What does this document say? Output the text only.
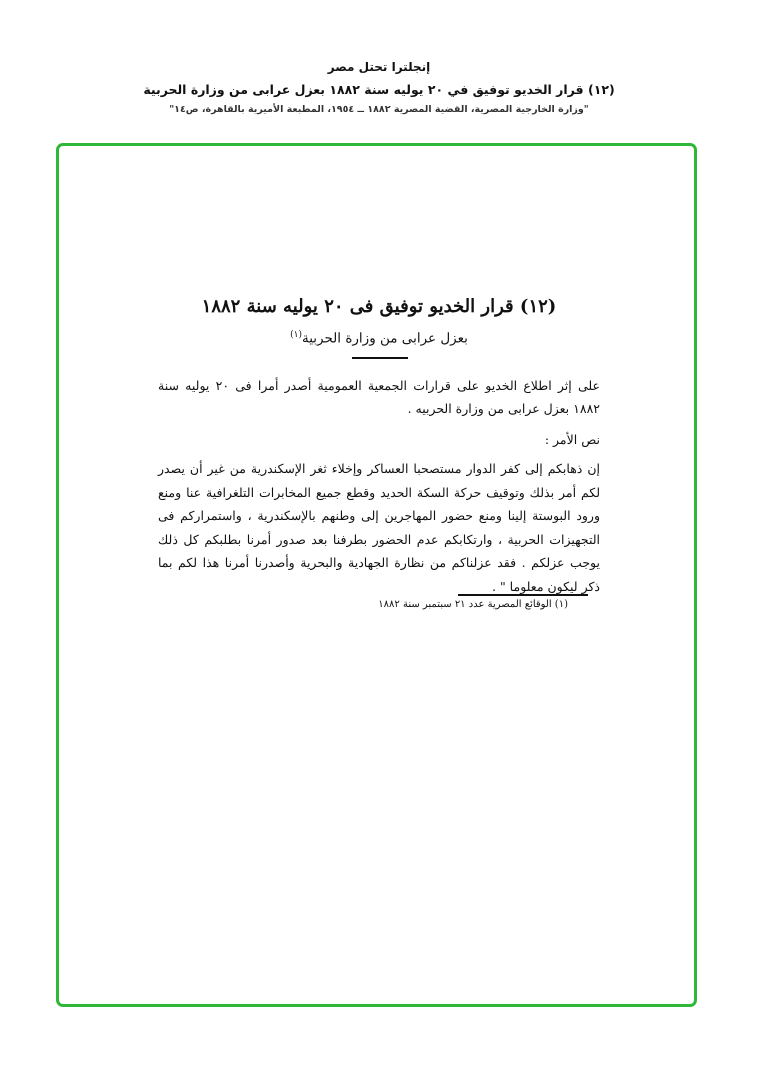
إنجلترا تحتل مصر
(١٢) قرار الخديو توفيق في ٢٠ يوليه سنة ١٨٨٢ بعزل عرابى من وزارة الحربية
"وزارة الخارجية المصرية، القضية المصرية ١٨٨٢ ــ ١٩٥٤، المطبعة الأميرية بالقاهرة، ص١٤"
(١٢) قرار الخديو توفيق فى ٢٠ يوليه سنة ١٨٨٢
بعزل عرابى من وزارة الحربية$^{(١)}$
على إثر اطلاع الخديو على قرارات الجمعية العمومية أصدر أمرا فى ٢٠ يوليه سنة ١٨٨٢ بعزل عرابى من وزارة الحربيه .
نص الأمر :
إن ذهابكم إلى كفر الدوار مستصحبا العساكر وإخلاء ثغر الإسكندرية من غير أن يصدر لكم أمر بذلك وتوقيف حركة السكة الحديد وقطع جميع المخابرات التلغرافية عنا ومنع ورود البوستة إلينا ومنع حضور المهاجرين إلى وطنهم بالإسكندرية ، واستمراركم فى التجهيزات الحربية ، وارتكابكم عدم الحضور بطرفنا بعد صدور أمرنا بطلبكم كل ذلك يوجب عزلكم . فقد عزلناكم من نظارة الجهادية والبحرية وأصدرنا أمرنا هذا لكم بما ذكر ليكون معلوما " .
(١) الوقائع المصرية عدد ٢١ سبتمبر سنة ١٨٨٢
